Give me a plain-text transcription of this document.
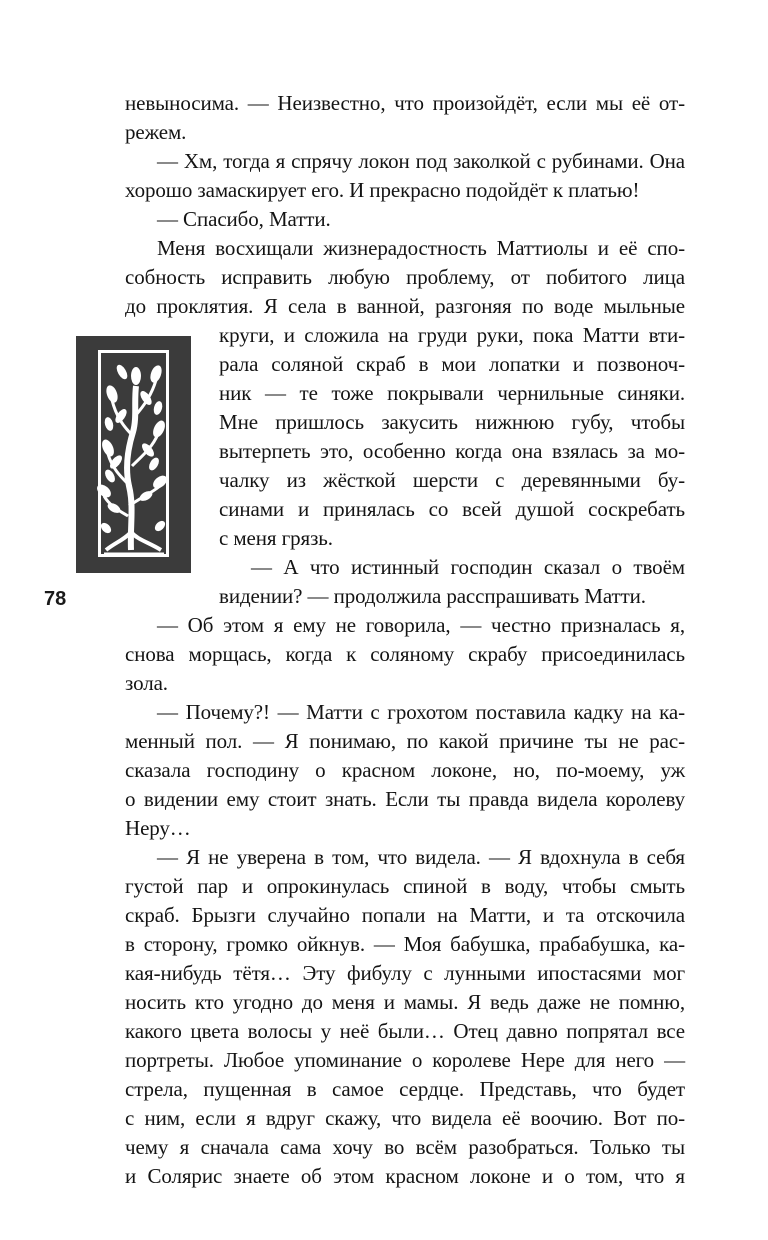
78
невыносима. — Неизвестно, что произойдёт, если мы её от-
режем.
— Хм, тогда я спрячу локон под заколкой с рубинами. Она
хорошо замаскирует его. И прекрасно подойдёт к платью!
— Спасибо, Матти.
Меня восхищали жизнерадостность Маттиолы и её спо-
собность исправить любую проблему, от побитого лица
до проклятия. Я села в ванной, разгоняя по воде мыльные
круги, и сложила на груди руки, пока Матти вти-
рала соляной скраб в мои лопатки и позвоноч-
ник — те тоже покрывали чернильные синяки.
Мне пришлось закусить нижнюю губу, чтобы
вытерпеть это, особенно когда она взялась за мо-
чалку из жёсткой шерсти с деревянными бу-
синами и принялась со всей душой соскребать
с меня грязь.
— А что истинный господин сказал о твоём
видении? — продолжила расспрашивать Матти.
— Об этом я ему не говорила, — честно призналась я,
снова морщась, когда к соляному скрабу присоединилась
зола.
— Почему?! — Матти с грохотом поставила кадку на ка-
менный пол. — Я понимаю, по какой причине ты не рас-
сказала господину о красном локоне, но, по-моему, уж
о видении ему стоит знать. Если ты правда видела королеву
Неру…
— Я не уверена в том, что видела. — Я вдохнула в себя
густой пар и опрокинулась спиной в воду, чтобы смыть
скраб. Брызги случайно попали на Матти, и та отскочила
в сторону, громко ойкнув. — Моя бабушка, прабабушка, ка-
кая-нибудь тётя… Эту фибулу с лунными ипостасями мог
носить кто угодно до меня и мамы. Я ведь даже не помню,
какого цвета волосы у неё были… Отец давно попрятал все
портреты. Любое упоминание о королеве Нере для него —
стрела, пущенная в самое сердце. Представь, что будет
с ним, если я вдруг скажу, что видела её воочию. Вот по-
чему я сначала сама хочу во всём разобраться. Только ты
и Солярис знаете об этом красном локоне и о том, что я
